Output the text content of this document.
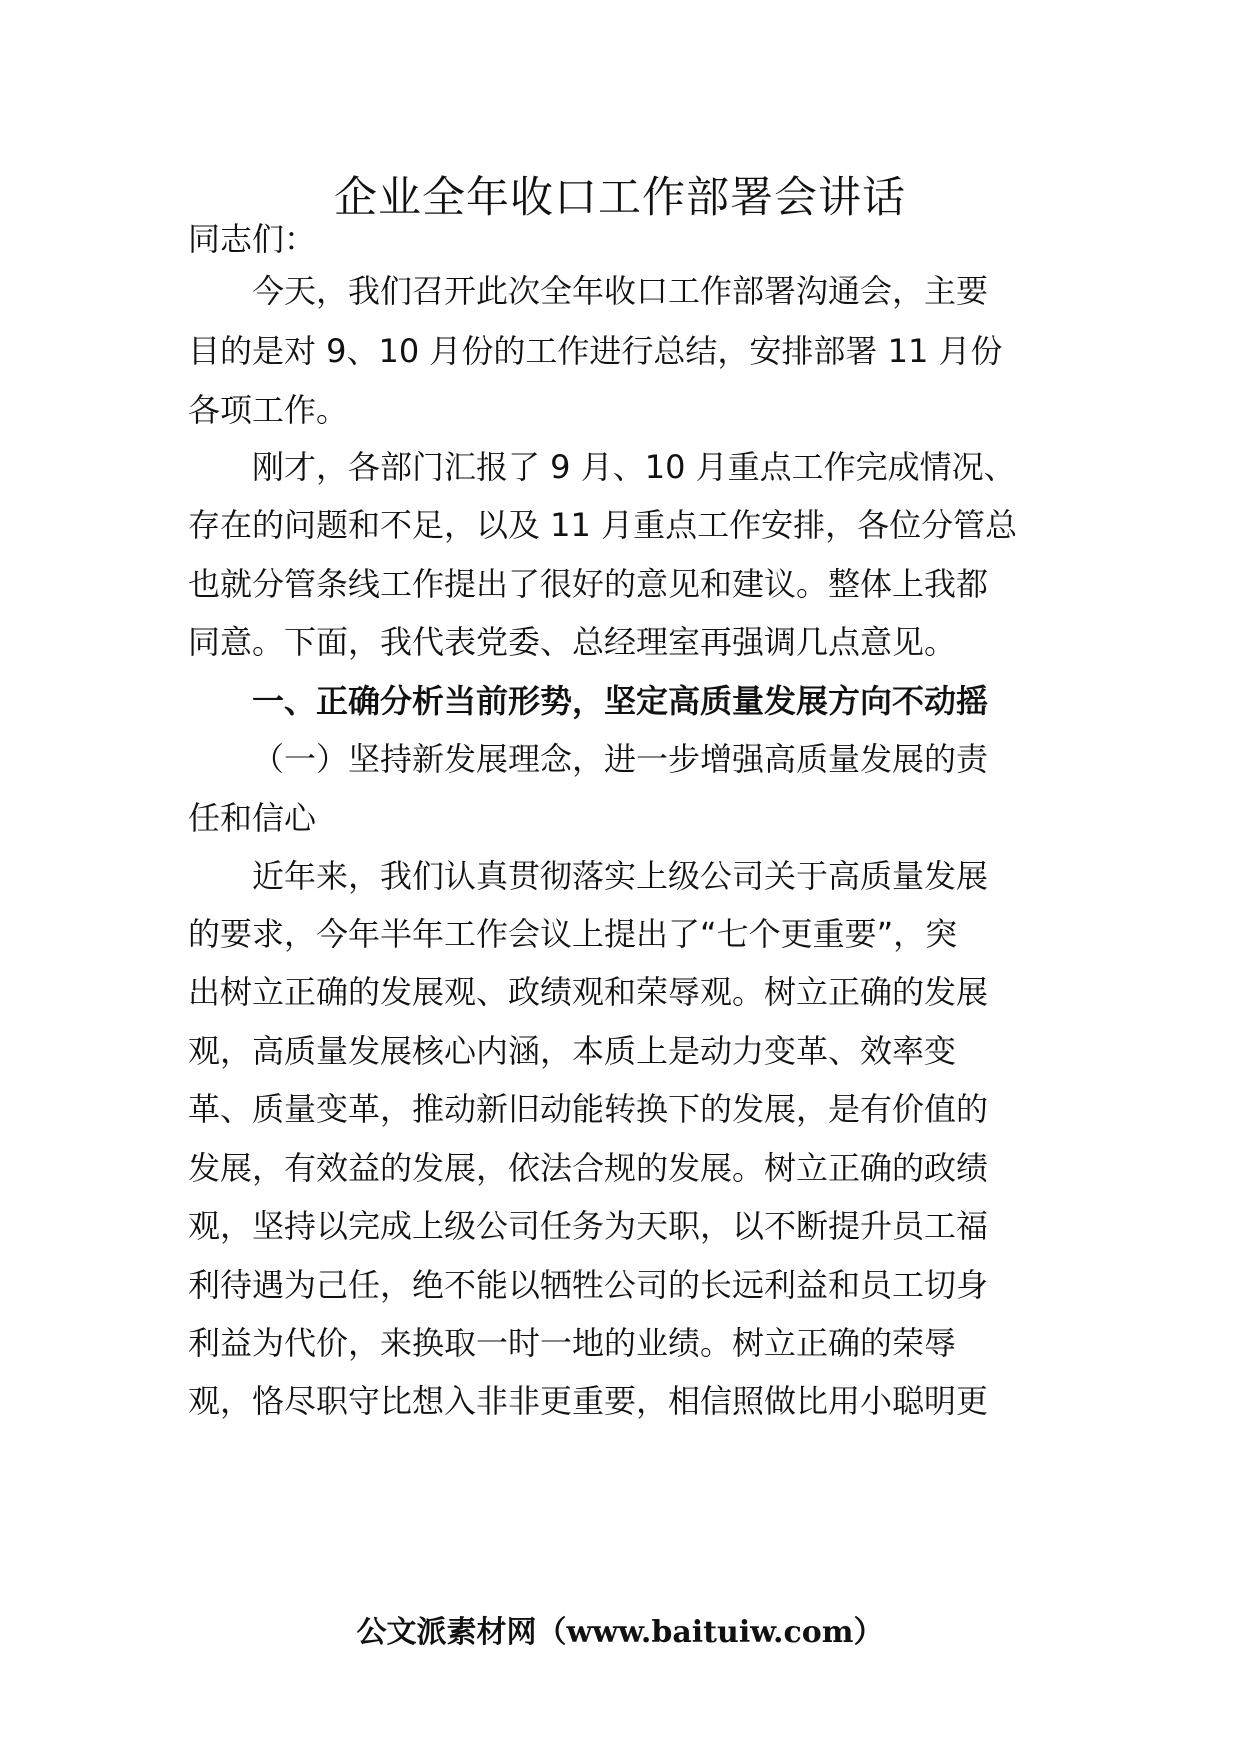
企业全年收口工作部署会讲话
同志们：
今天，我们召开此次全年收口工作部署沟通会，主要
目的是对 9、10 月份的工作进行总结，安排部署 11 月份
各项工作。
刚才，各部门汇报了 9 月、10 月重点工作完成情况、
存在的问题和不足，以及 11 月重点工作安排，各位分管总
也就分管条线工作提出了很好的意见和建议。整体上我都
同意。下面，我代表党委、总经理室再强调几点意见。
一、正确分析当前形势，坚定高质量发展方向不动摇
（一）坚持新发展理念，进一步增强高质量发展的责
任和信心
近年来，我们认真贯彻落实上级公司关于高质量发展
的要求，今年半年工作会议上提出了“七个更重要”，突
出树立正确的发展观、政绩观和荣辱观。树立正确的发展
观，高质量发展核心内涵，本质上是动力变革、效率变
革、质量变革，推动新旧动能转换下的发展，是有价值的
发展，有效益的发展，依法合规的发展。树立正确的政绩
观，坚持以完成上级公司任务为天职，以不断提升员工福
利待遇为己任，绝不能以牺牲公司的长远利益和员工切身
利益为代价，来换取一时一地的业绩。树立正确的荣辱
观，恪尽职守比想入非非更重要，相信照做比用小聪明更
公文派素材网（www.baituiw.com）
